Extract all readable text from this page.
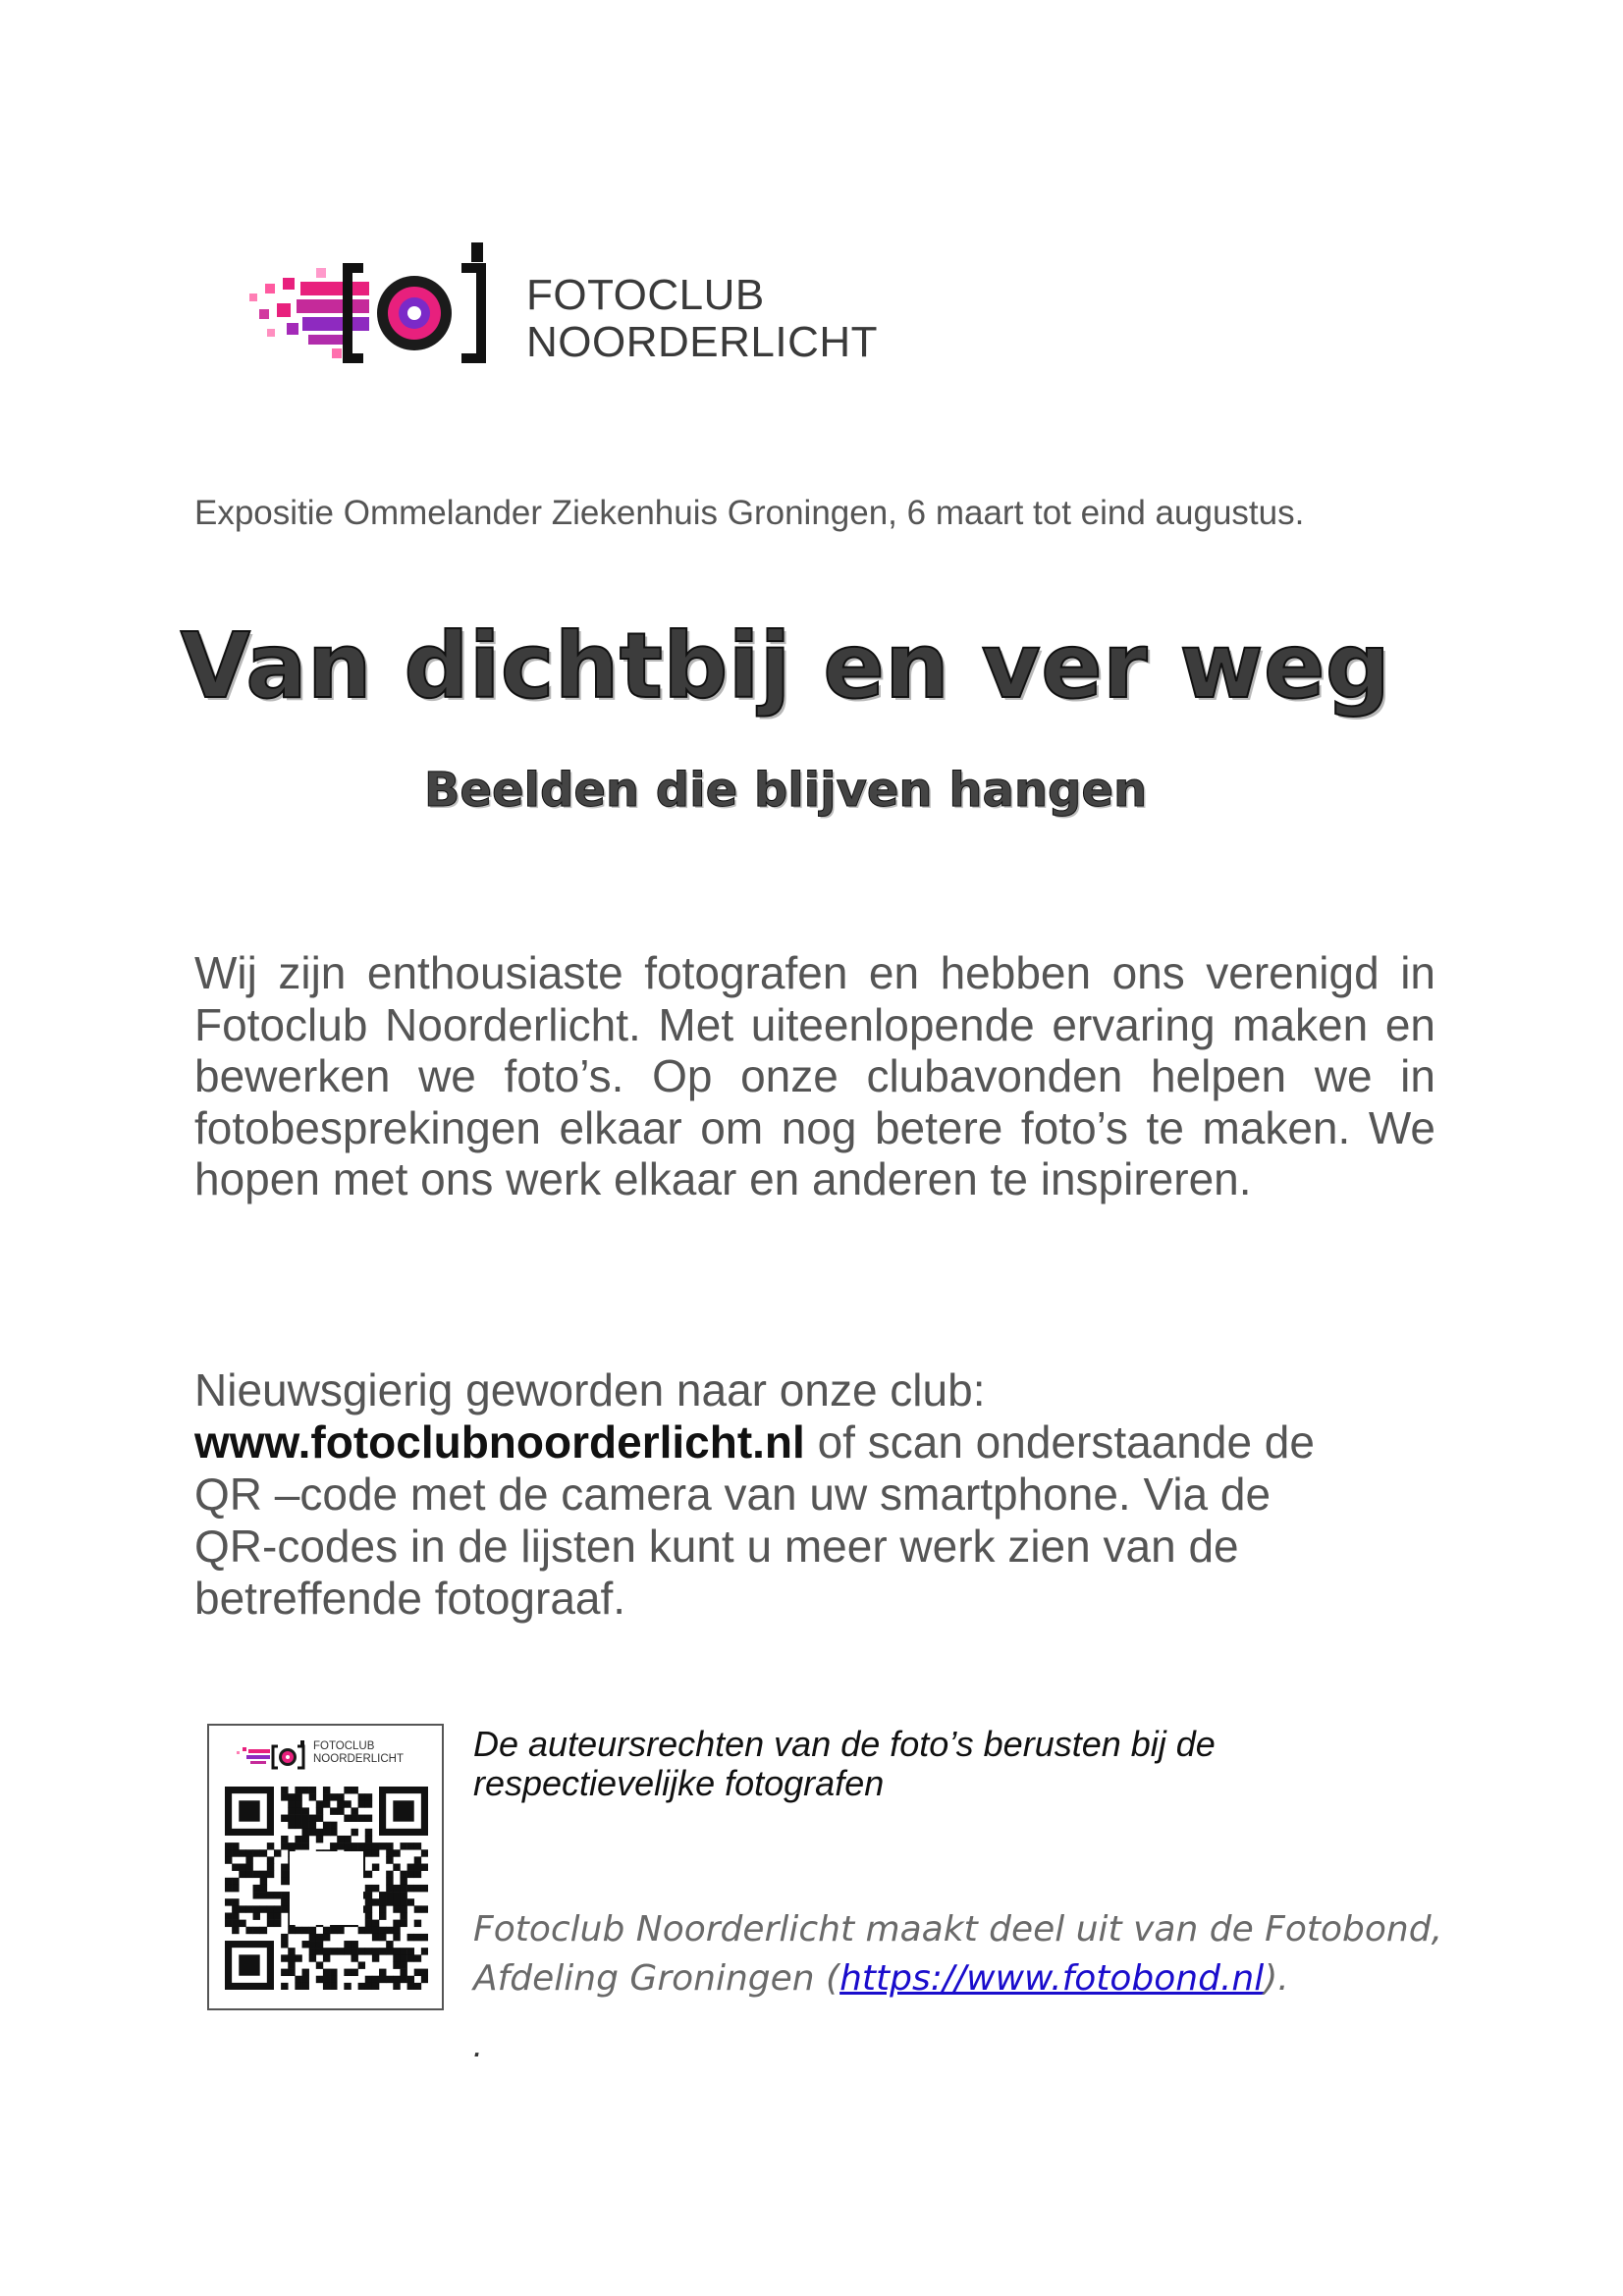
FOTOCLUB
NOORDERLICHT
Expositie Ommelander Ziekenhuis Groningen, 6 maart tot eind augustus.
Van dichtbij en ver weg
Beelden die blijven hangen
Wij zijn enthousiaste fotografen en hebben ons verenigd in Fotoclub Noorderlicht. Met uiteenlopende ervaring maken en bewerken we foto’s. Op onze clubavonden helpen we in fotobesprekingen elkaar om nog betere foto’s te maken. We hopen met ons werk elkaar en anderen te inspireren.
Nieuwsgierig geworden naar onze club:
www.fotoclubnoorderlicht.nl of scan onderstaande de
QR –code met de camera van uw smartphone. Via de
QR-codes in de lijsten kunt u meer werk zien van de
betreffende fotograaf.
FOTOCLUB
NOORDERLICHT De auteursrechten van de foto’s berusten bij de respectievelijke fotografen
Fotoclub Noorderlicht maakt deel uit van de Fotobond,
Afdeling Groningen (https://www.fotobond.nl).
.
